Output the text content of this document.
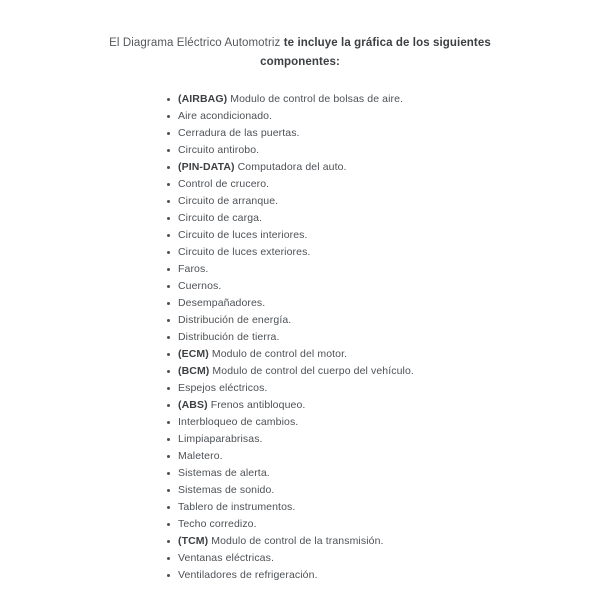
El Diagrama Eléctrico Automotriz te incluye la gráfica de los siguientes
componentes:
(AIRBAG) Modulo de control de bolsas de aire.
Aire acondicionado.
Cerradura de las puertas.
Circuito antirobo.
(PIN-DATA) Computadora del auto.
Control de crucero.
Circuito de arranque.
Circuito de carga.
Circuito de luces interiores.
Circuito de luces exteriores.
Faros.
Cuernos.
Desempañadores.
Distribución de energía.
Distribución de tierra.
(ECM) Modulo de control del motor.
(BCM) Modulo de control del cuerpo del vehículo.
Espejos eléctricos.
(ABS) Frenos antibloqueo.
Interbloqueo de cambios.
Limpiaparabrisas.
Maletero.
Sistemas de alerta.
Sistemas de sonido.
Tablero de instrumentos.
Techo corredizo.
(TCM) Modulo de control de la transmisión.
Ventanas eléctricas.
Ventiladores de refrigeración.
